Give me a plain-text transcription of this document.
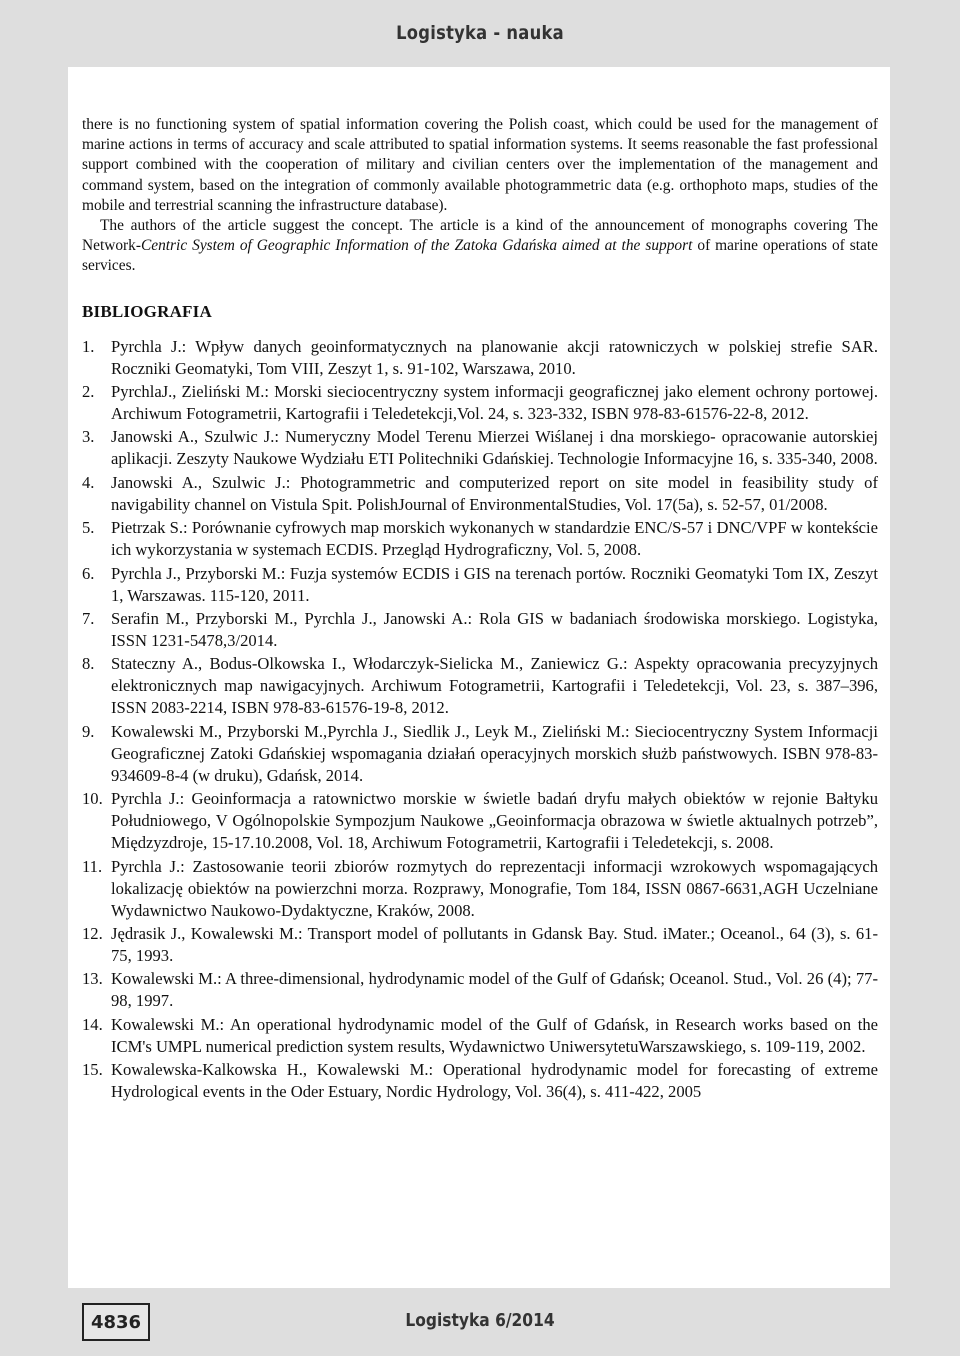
Logistyka - nauka

there is no functioning system of spatial information covering the Polish coast, which could be used for the management of marine actions in terms of accuracy and scale attributed to spatial information systems. It seems reasonable the fast professional support combined with the cooperation of military and civilian centers over the implementation of the management and command system, based on the integration of commonly available photogrammetric data (e.g. orthophoto maps, studies of the mobile and terrestrial scanning the infrastructure database).

The authors of the article suggest the concept. The article is a kind of the announcement of monographs covering The Network-Centric System of Geographic Information of the Zatoka Gdańska aimed at the support of marine operations of state services.

BIBLIOGRAFIA
1. Pyrchla J.: Wpływ danych geoinformatycznych na planowanie akcji ratowniczych w polskiej strefie SAR. Roczniki Geomatyki, Tom VIII, Zeszyt 1, s. 91-102, Warszawa, 2010.
2. PyrchlaJ., Zieliński M.: Morski sieciocentryczny system informacji geograficznej jako element ochrony portowej. Archiwum Fotogrametrii, Kartografii i Teledetekcji,Vol. 24, s. 323-332, ISBN 978-83-61576-22-8, 2012.
3. Janowski A., Szulwic J.: Numeryczny Model Terenu Mierzei Wiślanej i dna morskiego- opracowanie autorskiej aplikacji. Zeszyty Naukowe Wydziału ETI Politechniki Gdańskiej. Technologie Informacyjne 16, s. 335-340, 2008.
4. Janowski A., Szulwic J.: Photogrammetric and computerized report on site model in feasibility study of navigability channel on Vistula Spit. PolishJournal of EnvironmentalStudies, Vol. 17(5a), s. 52-57, 01/2008.
5. Pietrzak S.: Porównanie cyfrowych map morskich wykonanych w standardzie ENC/S-57 i DNC/VPF w kontekście ich wykorzystania w systemach ECDIS. Przegląd Hydrograficzny, Vol. 5, 2008.
6. Pyrchla J., Przyborski M.: Fuzja systemów ECDIS i GIS na terenach portów. Roczniki Geomatyki Tom IX, Zeszyt 1, Warszawas. 115-120, 2011.
7. Serafin M., Przyborski M., Pyrchla J., Janowski A.: Rola GIS w badaniach środowiska morskiego. Logistyka, ISSN 1231-5478,3/2014.
8. Stateczny A., Bodus-Olkowska I., Włodarczyk-Sielicka M., Zaniewicz G.: Aspekty opracowania precyzyjnych elektronicznych map nawigacyjnych. Archiwum Fotogrametrii, Kartografii i Teledetekcji, Vol. 23, s. 387–396, ISSN 2083-2214, ISBN 978-83-61576-19-8, 2012.
9. Kowalewski M., Przyborski M.,Pyrchla J., Siedlik J., Leyk M., Zieliński M.: Sieciocentryczny System Informacji Geograficznej Zatoki Gdańskiej wspomagania działań operacyjnych morskich służb państwowych. ISBN 978-83-934609-8-4 (w druku), Gdańsk, 2014.
10. Pyrchla J.: Geoinformacja a ratownictwo morskie w świetle badań dryfu małych obiektów w rejonie Bałtyku Południowego, V Ogólnopolskie Sympozjum Naukowe „Geoinformacja obrazowa w świetle aktualnych potrzeb”, Międzyzdroje, 15-17.10.2008, Vol. 18, Archiwum Fotogrametrii, Kartografii i Teledetekcji, s. 2008.
11. Pyrchla J.: Zastosowanie teorii zbiorów rozmytych do reprezentacji informacji wzrokowych wspomagających lokalizację obiektów na powierzchni morza. Rozprawy, Monografie, Tom 184, ISSN 0867-6631,AGH Uczelniane Wydawnictwo Naukowo-Dydaktyczne, Kraków, 2008.
12. Jędrasik J., Kowalewski M.: Transport model of pollutants in Gdansk Bay. Stud. iMater.; Oceanol., 64 (3), s. 61-75, 1993.
13. Kowalewski M.: A three-dimensional, hydrodynamic model of the Gulf of Gdańsk; Oceanol. Stud., Vol. 26 (4); 77-98, 1997.
14. Kowalewski M.: An operational hydrodynamic model of the Gulf of Gdańsk, in Research works based on the ICM's UMPL numerical prediction system results, Wydawnictwo UniwersytetuWarszawskiego, s. 109-119, 2002.
15. Kowalewska-Kalkowska H., Kowalewski M.: Operational hydrodynamic model for forecasting of extreme Hydrological events in the Oder Estuary, Nordic Hydrology, Vol. 36(4), s. 411-422, 2005
4836	Logistyka 6/2014
